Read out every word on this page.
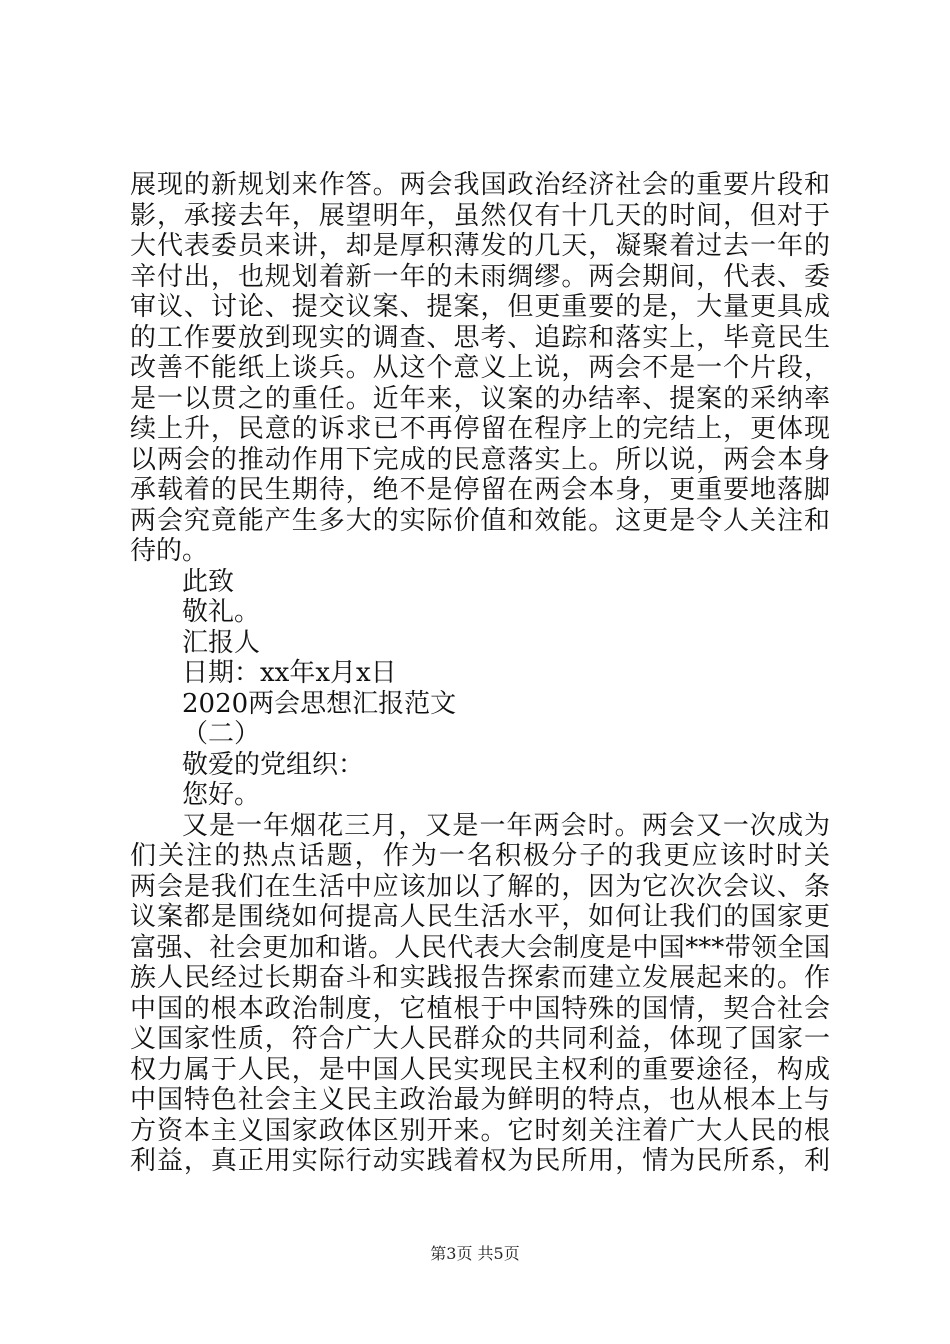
展现的新规划来作答。两会我国政治经济社会的重要片段和
影，承接去年，展望明年，虽然仅有十几天的时间，但对于
大代表委员来讲，却是厚积薄发的几天，凝聚着过去一年的
辛付出，也规划着新一年的未雨绸缪。两会期间，代表、委
审议、讨论、提交议案、提案，但更重要的是，大量更具成
的工作要放到现实的调查、思考、追踪和落实上，毕竟民生
改善不能纸上谈兵。从这个意义上说，两会不是一个片段，
是一以贯之的重任。近年来，议案的办结率、提案的采纳率
续上升，民意的诉求已不再停留在程序上的完结上，更体现
以两会的推动作用下完成的民意落实上。所以说，两会本身
承载着的民生期待，绝不是停留在两会本身，更重要地落脚
两会究竟能产生多大的实际价值和效能。这更是令人关注和
待的。
此致
敬礼。
汇报人
日期：xx年x月x日
2020两会思想汇报范文
（二）
敬爱的党组织：
您好。
又是一年烟花三月，又是一年两会时。两会又一次成为
们关注的热点话题，作为一名积极分子的我更应该时时关
两会是我们在生活中应该加以了解的，因为它次次会议、条
议案都是围绕如何提高人民生活水平，如何让我们的国家更
富强、社会更加和谐。人民代表大会制度是中国***带领全国
族人民经过长期奋斗和实践报告探索而建立发展起来的。作
中国的根本政治制度，它植根于中国特殊的国情，契合社会
义国家性质，符合广大人民群众的共同利益，体现了国家一
权力属于人民，是中国人民实现民主权利的重要途径，构成
中国特色社会主义民主政治最为鲜明的特点，也从根本上与
方资本主义国家政体区别开来。它时刻关注着广大人民的根
利益，真正用实际行动实践着权为民所用，情为民所系，利
第3页 共5页
